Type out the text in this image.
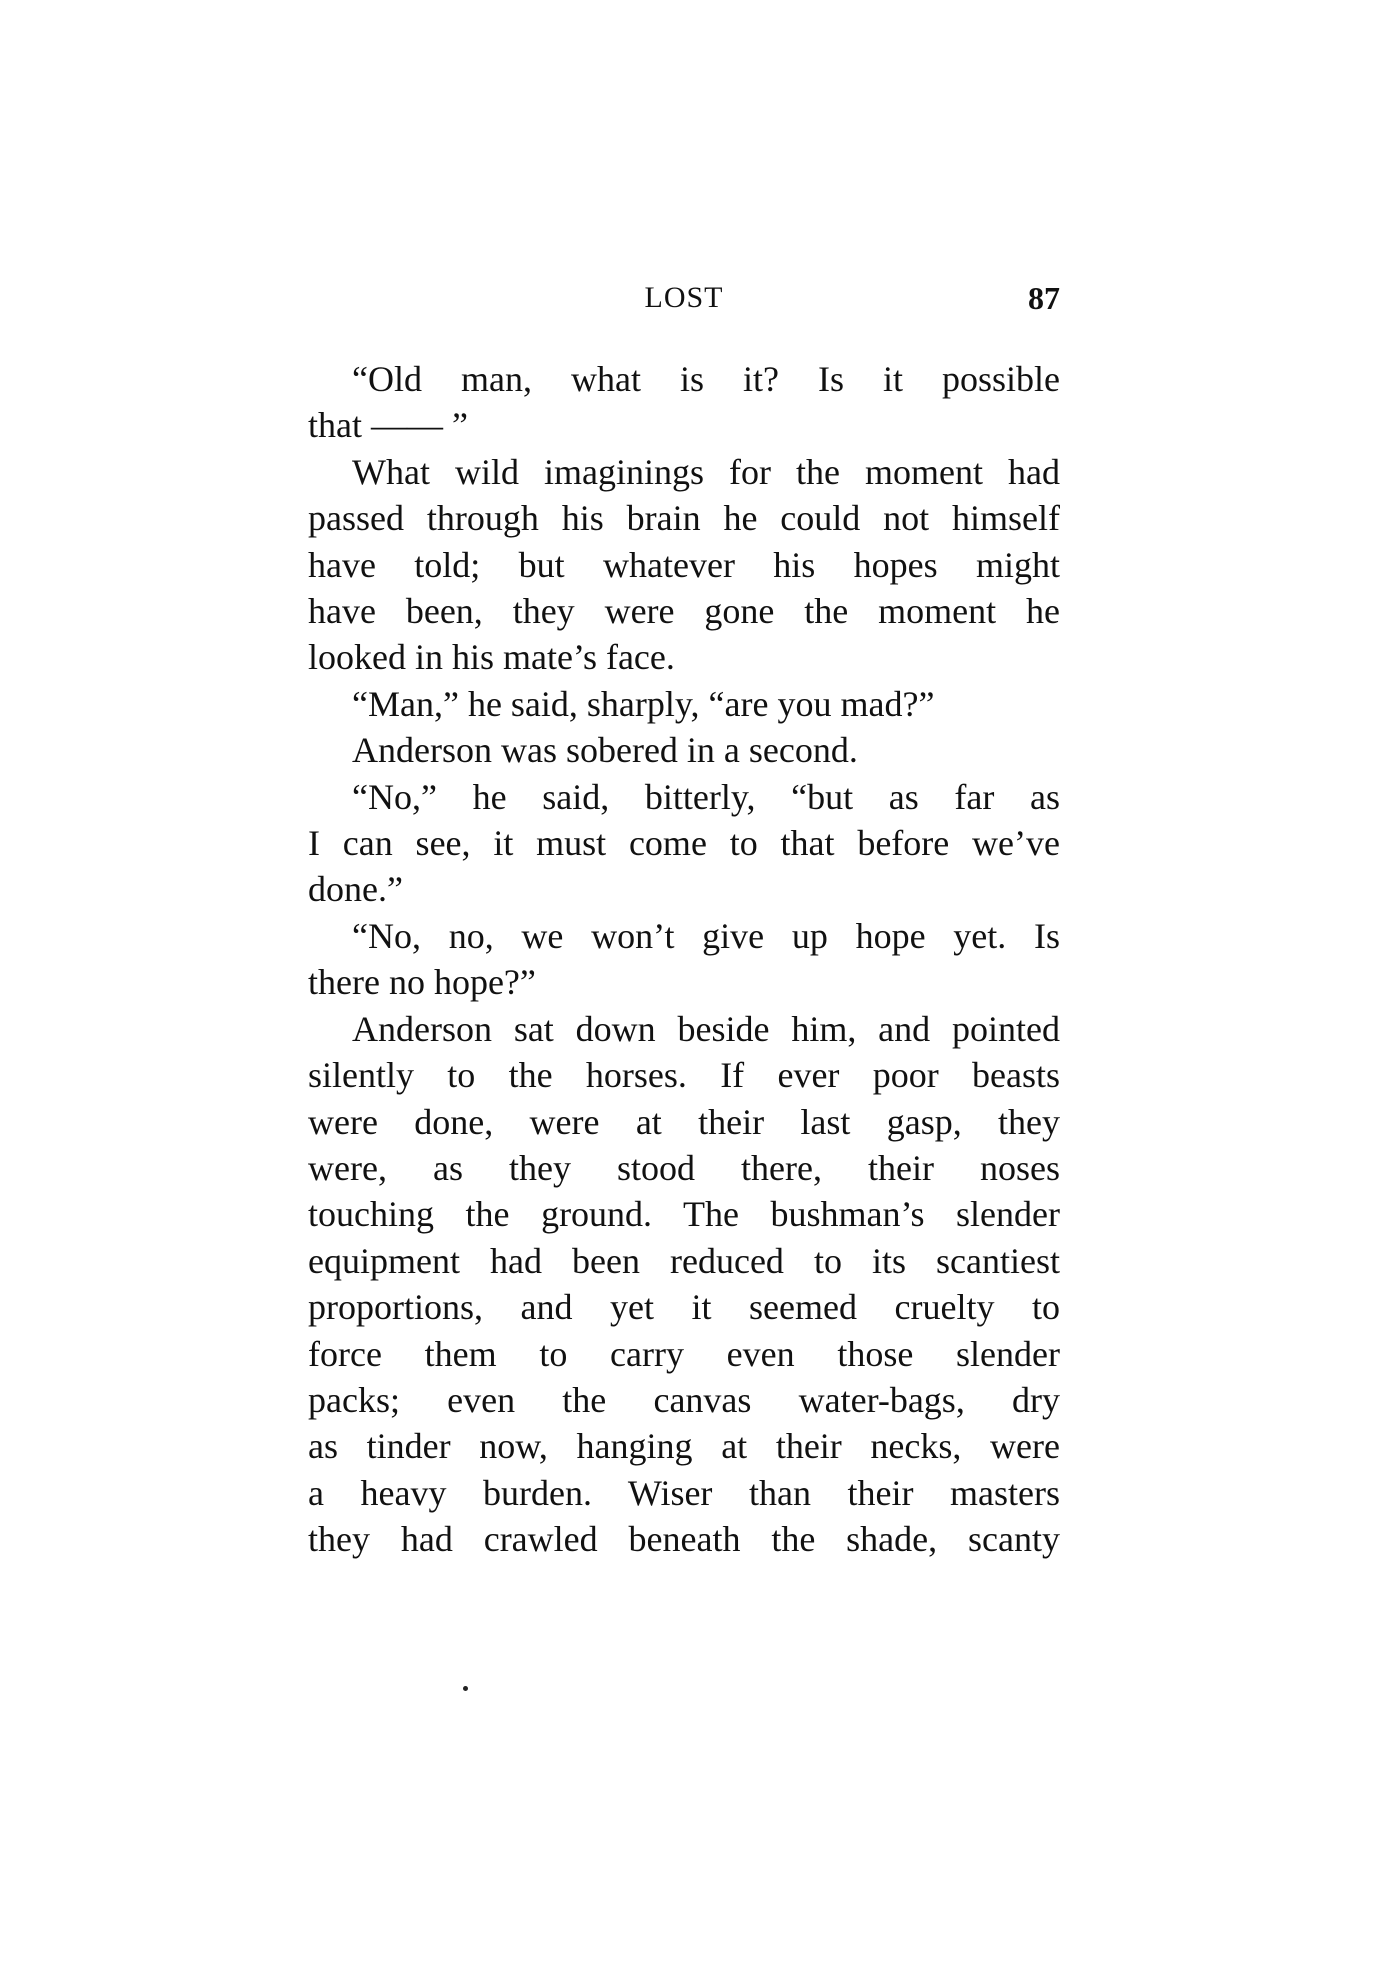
LOST	87

“Old man, what is it? Is it possible

that —— ”

What wild imaginings for the moment had

passed through his brain he could not himself

have told; but whatever his hopes might

have been, they were gone the moment he

looked in his mate’s face.

“Man,” he said, sharply, “are you mad?”

Anderson was sobered in a second.

“No,” he said, bitterly, “but as far as

I can see, it must come to that before we’ve

done.”

“No, no, we won’t give up hope yet. Is

there no hope?”

Anderson sat down beside him, and pointed

silently to the horses. If ever poor beasts

were done, were at their last gasp, they

were, as they stood there, their noses

touching the ground. The bushman’s slender

equipment had been reduced to its scantiest

proportions, and yet it seemed cruelty to

force them to carry even those slender

packs; even the canvas water-bags, dry

as tinder now, hanging at their necks, were

a heavy burden. Wiser than their masters

they had crawled beneath the shade, scanty
